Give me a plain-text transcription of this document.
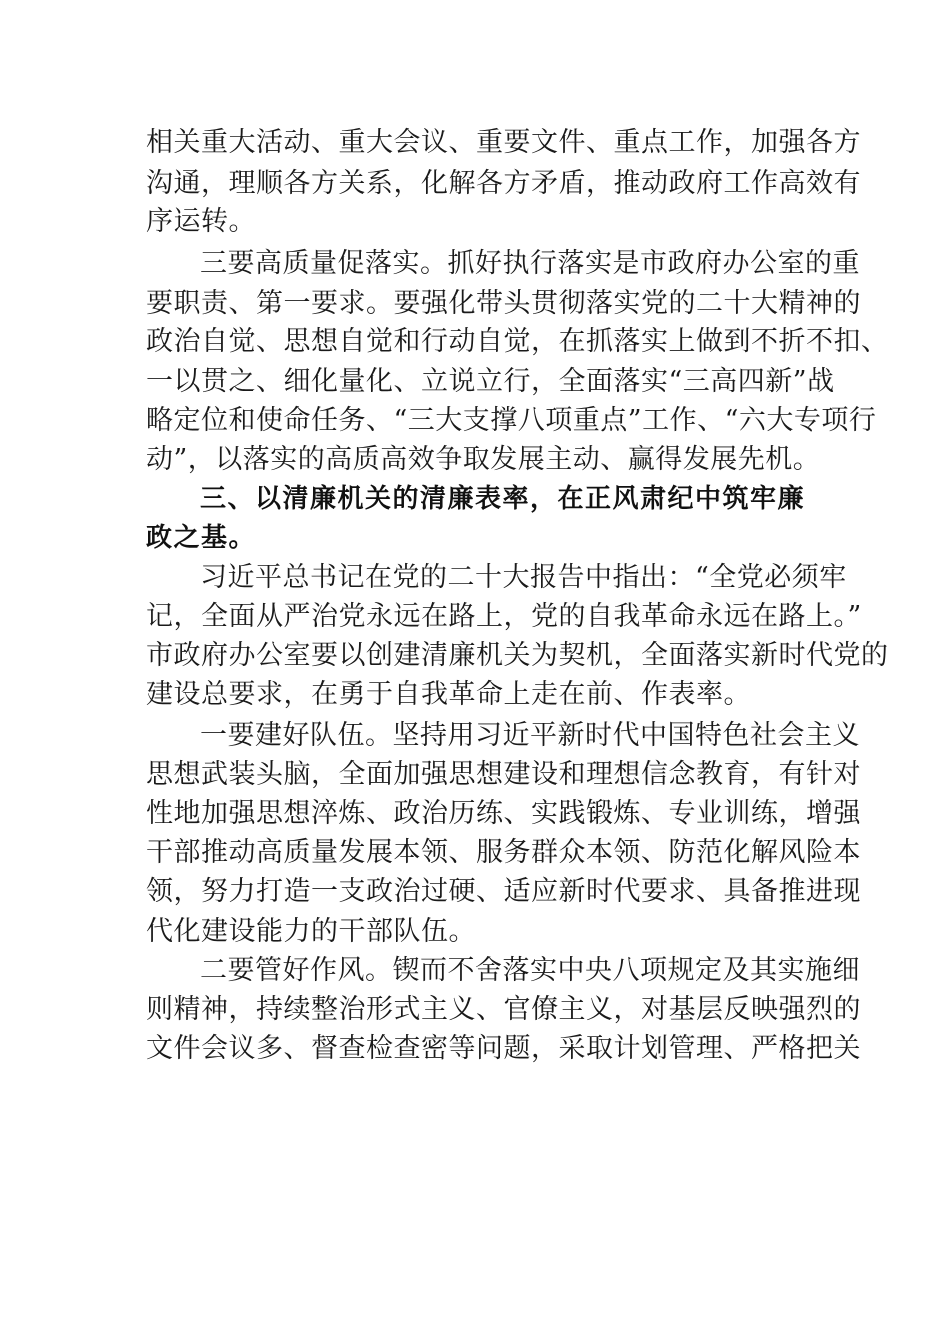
相关重大活动、重大会议、重要文件、重点工作，加强各方
沟通，理顺各方关系，化解各方矛盾，推动政府工作高效有
序运转。
三要高质量促落实。抓好执行落实是市政府办公室的重
要职责、第一要求。要强化带头贯彻落实党的二十大精神的
政治自觉、思想自觉和行动自觉，在抓落实上做到不折不扣、
一以贯之、细化量化、立说立行，全面落实“三高四新”战
略定位和使命任务、“三大支撑八项重点”工作、“六大专项行
动”，以落实的高质高效争取发展主动、赢得发展先机。
三、以清廉机关的清廉表率，在正风肃纪中筑牢廉
政之基。
习近平总书记在党的二十大报告中指出：“全党必须牢
记，全面从严治党永远在路上，党的自我革命永远在路上。”
市政府办公室要以创建清廉机关为契机，全面落实新时代党的
建设总要求，在勇于自我革命上走在前、作表率。
一要建好队伍。坚持用习近平新时代中国特色社会主义
思想武装头脑，全面加强思想建设和理想信念教育，有针对
性地加强思想淬炼、政治历练、实践锻炼、专业训练，增强
干部推动高质量发展本领、服务群众本领、防范化解风险本
领，努力打造一支政治过硬、适应新时代要求、具备推进现
代化建设能力的干部队伍。
二要管好作风。锲而不舍落实中央八项规定及其实施细
则精神，持续整治形式主义、官僚主义，对基层反映强烈的
文件会议多、督查检查密等问题，采取计划管理、严格把关
